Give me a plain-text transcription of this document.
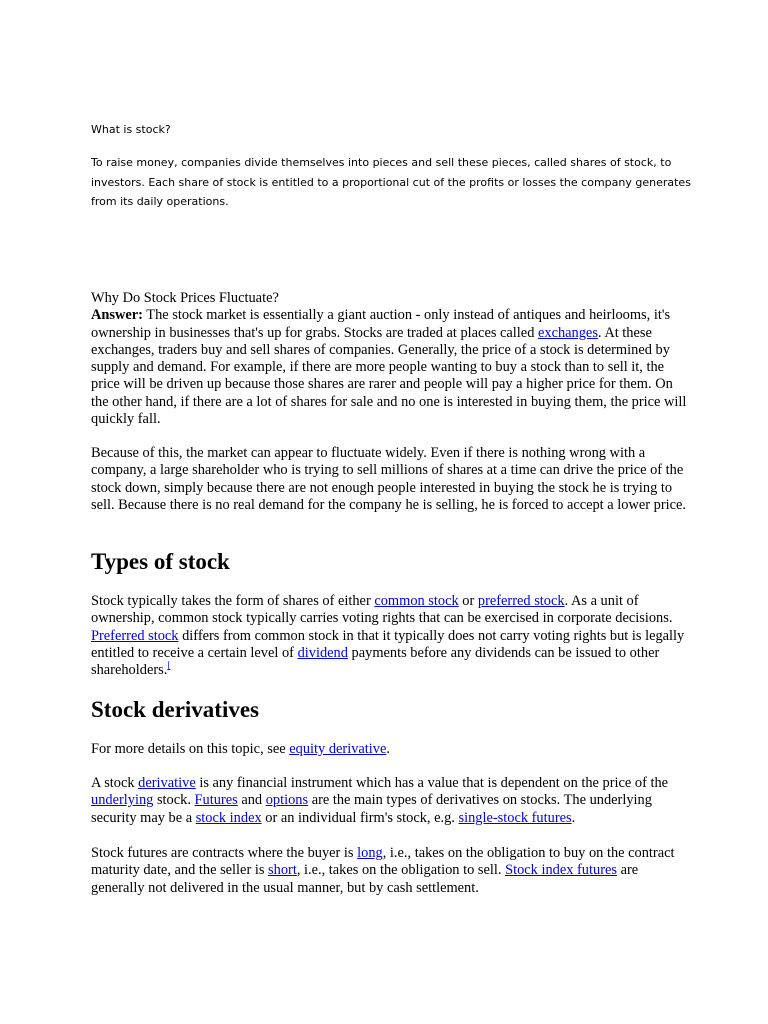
What is stock?

To raise money, companies divide themselves into pieces and sell these pieces, called shares of stock, to investors. Each share of stock is entitled to a proportional cut of the profits or losses the company generates from its daily operations.

Why Do Stock Prices Fluctuate?
Answer: The stock market is essentially a giant auction - only instead of antiques and heirlooms, it's ownership in businesses that's up for grabs. Stocks are traded at places called exchanges. At these exchanges, traders buy and sell shares of companies. Generally, the price of a stock is determined by supply and demand. For example, if there are more people wanting to buy a stock than to sell it, the price will be driven up because those shares are rarer and people will pay a higher price for them. On the other hand, if there are a lot of shares for sale and no one is interested in buying them, the price will quickly fall.

Because of this, the market can appear to fluctuate widely. Even if there is nothing wrong with a company, a large shareholder who is trying to sell millions of shares at a time can drive the price of the stock down, simply because there are not enough people interested in buying the stock he is trying to sell. Because there is no real demand for the company he is selling, he is forced to accept a lower price.

Types of stock

Stock typically takes the form of shares of either common stock or preferred stock. As a unit of ownership, common stock typically carries voting rights that can be exercised in corporate decisions. Preferred stock differs from common stock in that it typically does not carry voting rights but is legally entitled to receive a certain level of dividend payments before any dividends can be issued to other shareholders.[

Stock derivatives

For more details on this topic, see equity derivative.

A stock derivative is any financial instrument which has a value that is dependent on the price of the underlying stock. Futures and options are the main types of derivatives on stocks. The underlying security may be a stock index or an individual firm's stock, e.g. single-stock futures.

Stock futures are contracts where the buyer is long, i.e., takes on the obligation to buy on the contract maturity date, and the seller is short, i.e., takes on the obligation to sell. Stock index futures are generally not delivered in the usual manner, but by cash settlement.
